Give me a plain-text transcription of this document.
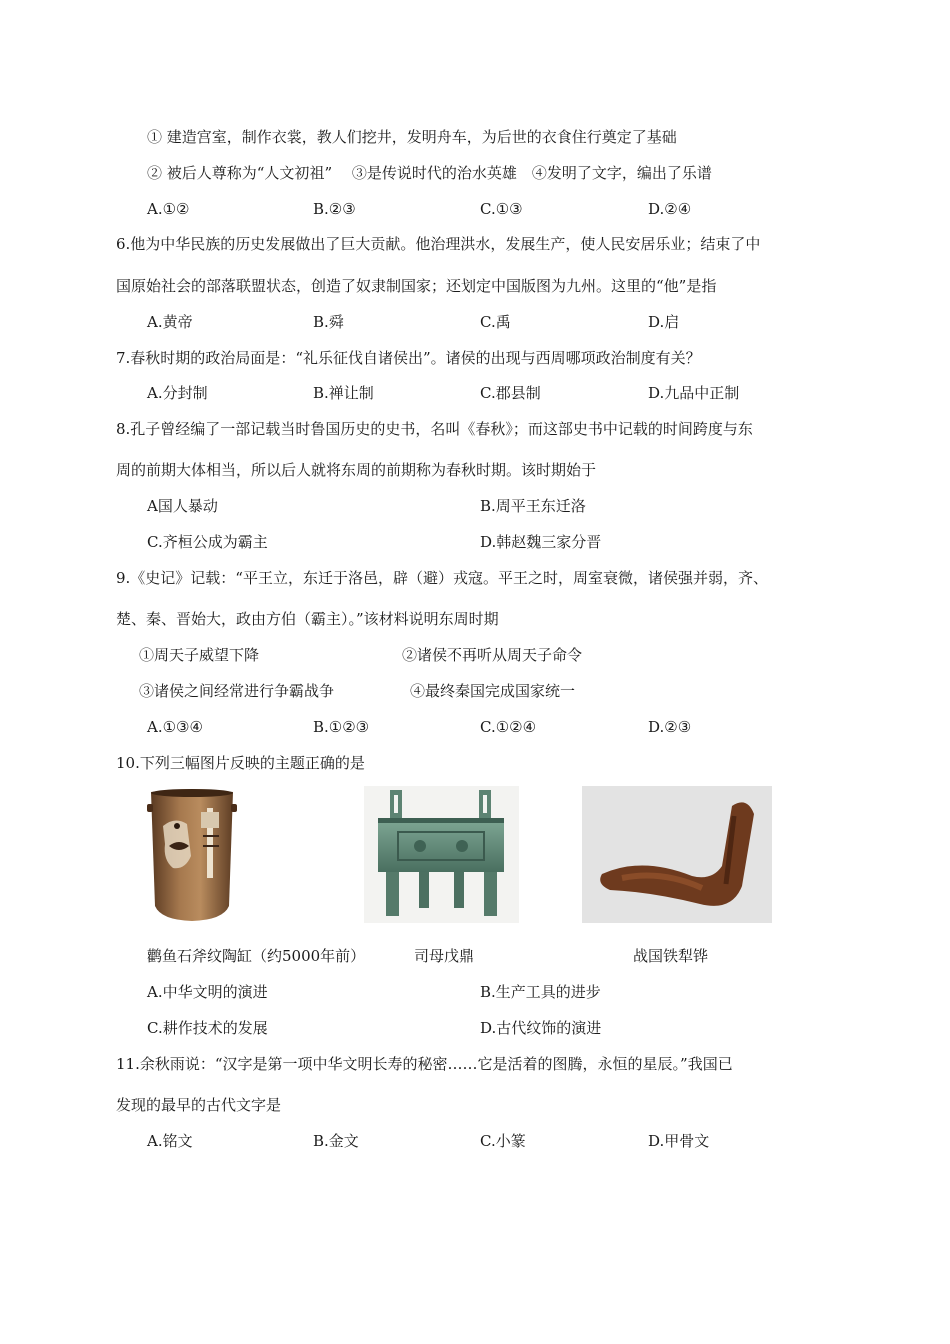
① 建造宫室，制作衣裳，教人们挖井，发明舟车，为后世的衣食住行奠定了基础
② 被后人尊称为“人文初祖”　 ③是传说时代的治水英雄　④发明了文字，编出了乐谱
A.①②	B.②③	C.①③	D.②④
6.他为中华民族的历史发展做出了巨大贡献。他治理洪水，发展生产，使人民安居乐业；结束了中
国原始社会的部落联盟状态，创造了奴隶制国家；还划定中国版图为九州。这里的“他”是指
A.黄帝	B.舜	C.禹	D.启
7.春秋时期的政治局面是：“礼乐征伐自诸侯出”。诸侯的出现与西周哪项政治制度有关？
A.分封制	B.禅让制	C.郡县制	D.九品中正制
8.孔子曾经编了一部记载当时鲁国历史的史书，名叫《春秋》；而这部史书中记载的时间跨度与东
周的前期大体相当，所以后人就将东周的前期称为春秋时期。该时期始于
A国人暴动	B.周平王东迁洛
C.齐桓公成为霸主	D.韩赵魏三家分晋
9.《史记》记载：“平王立，东迁于洛邑，辟（避）戎寇。平王之时，周室衰微，诸侯强并弱，齐、
楚、秦、晋始大，政由方伯（霸主）。”该材料说明东周时期
①周天子威望下降	②诸侯不再听从周天子命令
③诸侯之间经常进行争霸战争	④最终秦国完成国家统一
A.①③④	B.①②③	C.①②④	D.②③
10.下列三幅图片反映的主题正确的是
鹳鱼石斧纹陶缸（约5000年前）	司母戊鼎	战国铁犁铧
A.中华文明的演进	B.生产工具的进步
C.耕作技术的发展	D.古代纹饰的演进
11.余秋雨说：“汉字是第一项中华文明长寿的秘密……它是活着的图腾，永恒的星辰。”我国已
发现的最早的古代文字是
A.铭文	B.金文	C.小篆	D.甲骨文
